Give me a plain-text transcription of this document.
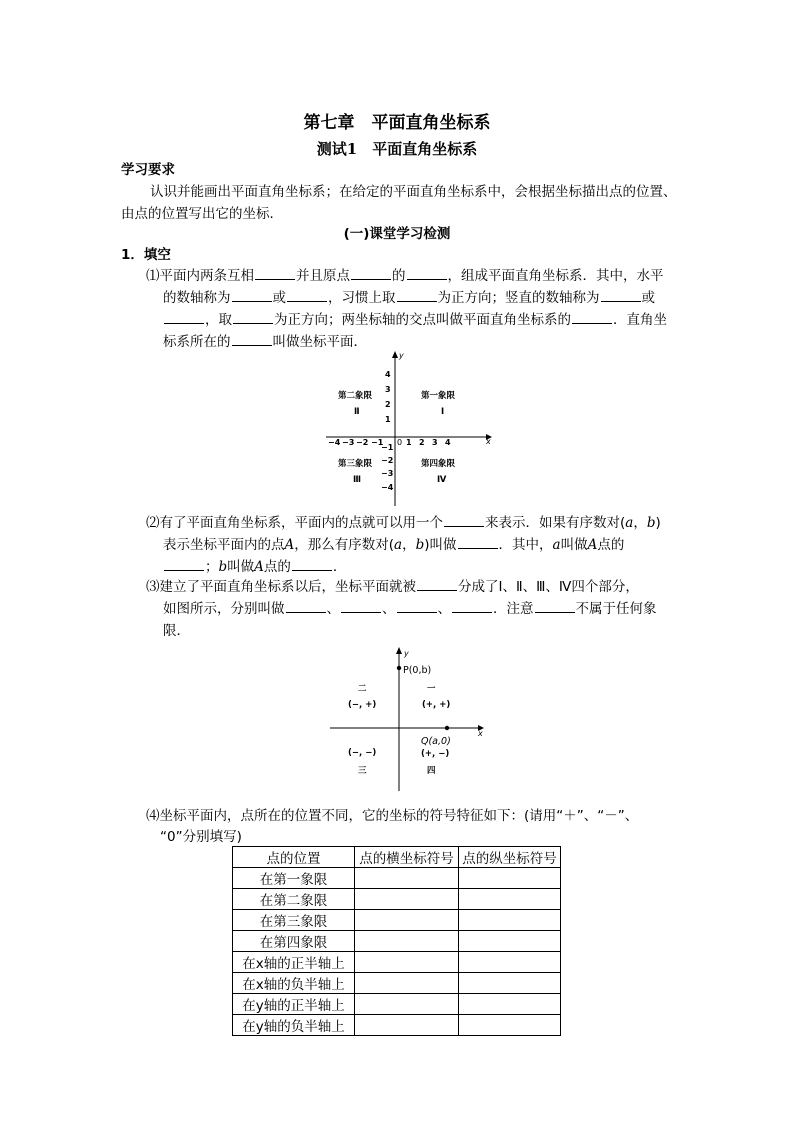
第七章　平面直角坐标系
测试1　平面直角坐标系
学习要求
认识并能画出平面直角坐标系；在给定的平面直角坐标系中，会根据坐标描出点的位置、
由点的位置写出它的坐标．
(一)课堂学习检测
1．填空
⑴平面内两条互相	并且原点	的	，组成平面直角坐标系．其中，水平
的数轴称为	或	，习惯上取	为正方向；竖直的数轴称为	或
，取	为正方向；两坐标轴的交点叫做平面直角坐标系的	．直角坐
标系所在的	叫做坐标平面．
x
y
0 1 2 3 4
−4 −3 −2 −1
4
3
2
1
−1
−2
−3
−4
第一象限
Ⅰ
第二象限
Ⅱ
第三象限
Ⅲ
第四象限
Ⅳ
⑵有了平面直角坐标系，平面内的点就可以用一个	来表示．如果有序数对(a，b)
表示坐标平面内的点A，那么有序数对(a，b)叫做	．其中，a叫做A点的
；b叫做A点的	．
⑶建立了平面直角坐标系以后，坐标平面就被	分成了Ⅰ、Ⅱ、Ⅲ、Ⅳ四个部分，
如图所示，分别叫做	、	、	、	．注意	不属于任何象
限．
x
y
P(0,b)
Q(a,0)
一
(+, +)
二
(−, +)
(−, −)
三
(+, −)
四
⑷坐标平面内，点所在的位置不同，它的坐标的符号特征如下：(请用“＋”、“－”、
“0”分别填写)
点的位置	点的横坐标符号	点的纵坐标符号
在第一象限		
在第二象限		
在第三象限		
在第四象限		
在x轴的正半轴上		
在x轴的负半轴上		
在y轴的正半轴上		
在y轴的负半轴上		
